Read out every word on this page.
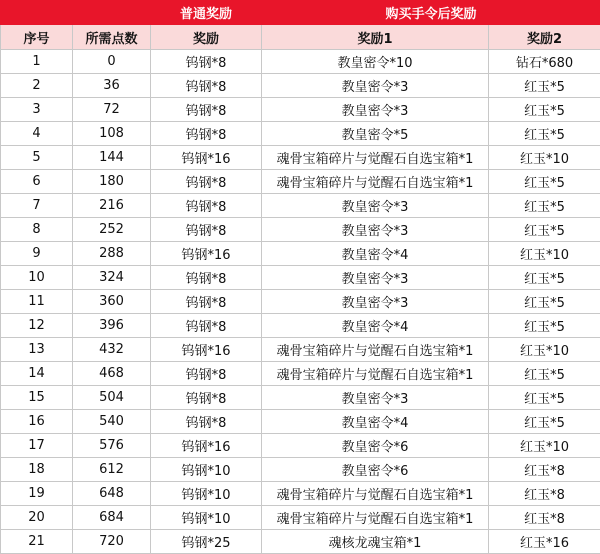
		普通奖励	购买手令后奖励	
序号	所需点数	奖励	奖励1	奖励2
1	0	钨钢*8	教皇密令*10	钻石*680
2	36	钨钢*8	教皇密令*3	红玉*5
3	72	钨钢*8	教皇密令*3	红玉*5
4	108	钨钢*8	教皇密令*5	红玉*5
5	144	钨钢*16	魂骨宝箱碎片与觉醒石自选宝箱*1	红玉*10
6	180	钨钢*8	魂骨宝箱碎片与觉醒石自选宝箱*1	红玉*5
7	216	钨钢*8	教皇密令*3	红玉*5
8	252	钨钢*8	教皇密令*3	红玉*5
9	288	钨钢*16	教皇密令*4	红玉*10
10	324	钨钢*8	教皇密令*3	红玉*5
11	360	钨钢*8	教皇密令*3	红玉*5
12	396	钨钢*8	教皇密令*4	红玉*5
13	432	钨钢*16	魂骨宝箱碎片与觉醒石自选宝箱*1	红玉*10
14	468	钨钢*8	魂骨宝箱碎片与觉醒石自选宝箱*1	红玉*5
15	504	钨钢*8	教皇密令*3	红玉*5
16	540	钨钢*8	教皇密令*4	红玉*5
17	576	钨钢*16	教皇密令*6	红玉*10
18	612	钨钢*10	教皇密令*6	红玉*8
19	648	钨钢*10	魂骨宝箱碎片与觉醒石自选宝箱*1	红玉*8
20	684	钨钢*10	魂骨宝箱碎片与觉醒石自选宝箱*1	红玉*8
21	720	钨钢*25	魂核龙魂宝箱*1	红玉*16
